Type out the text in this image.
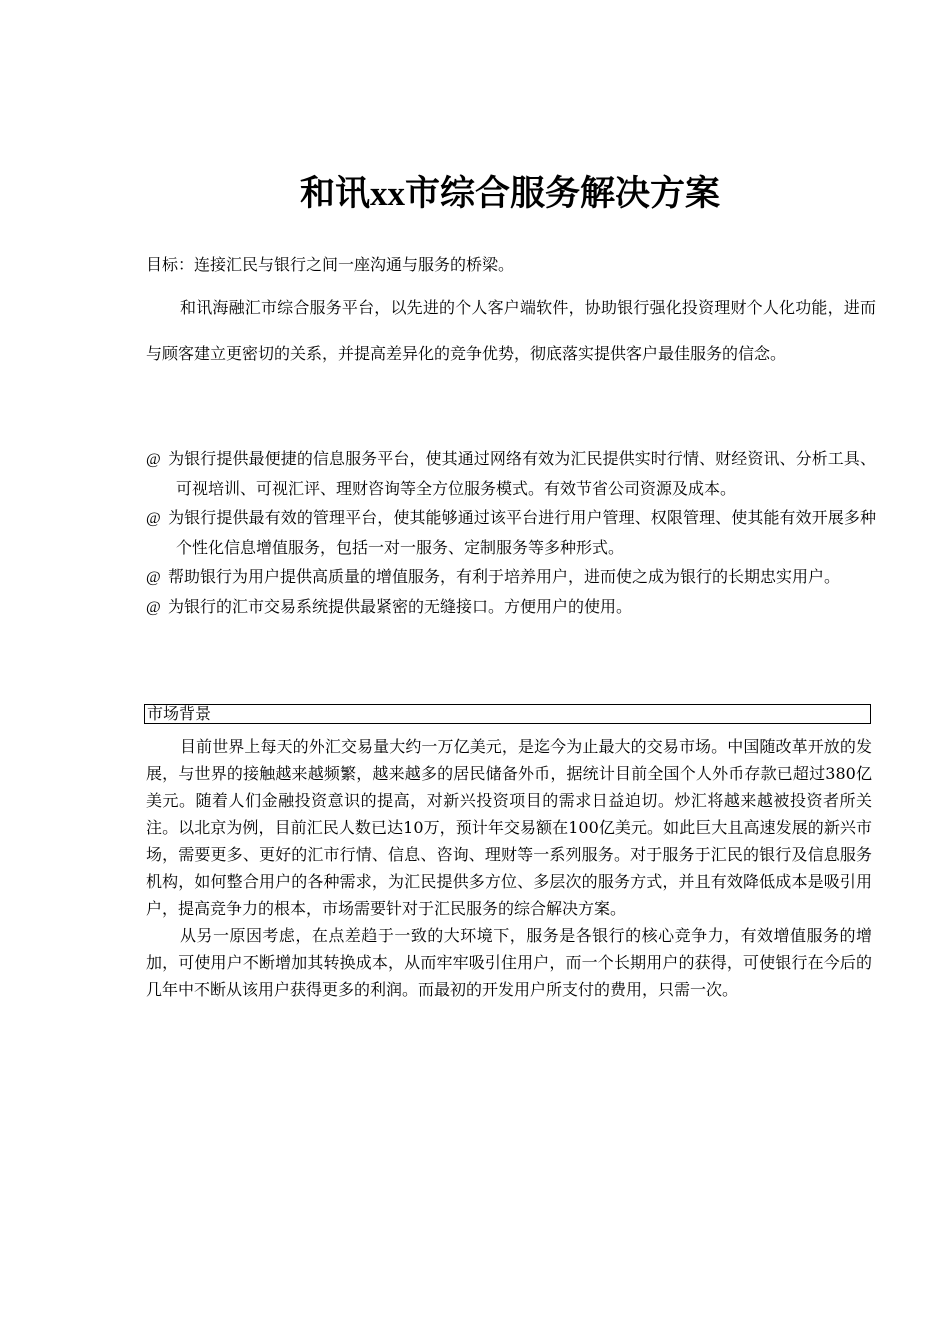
和讯xx市综合服务解决方案

目标：连接汇民与银行之间一座沟通与服务的桥梁。

和讯海融汇市综合服务平台，以先进的个人客户端软件，协助银行强化投资理财个人化功能，进而与顾客建立更密切的关系，并提高差异化的竞争优势，彻底落实提供客户最佳服务的信念。

@ 为银行提供最便捷的信息服务平台，使其通过网络有效为汇民提供实时行情、财经资讯、分析工具、可视培训、可视汇评、理财咨询等全方位服务模式。有效节省公司资源及成本。
@ 为银行提供最有效的管理平台，使其能够通过该平台进行用户管理、权限管理、使其能有效开展多种个性化信息增值服务，包括一对一服务、定制服务等多种形式。
@ 帮助银行为用户提供高质量的增值服务，有利于培养用户，进而使之成为银行的长期忠实用户。
@ 为银行的汇市交易系统提供最紧密的无缝接口。方便用户的使用。
市场背景

目前世界上每天的外汇交易量大约一万亿美元，是迄今为止最大的交易市场。中国随改革开放的发展，与世界的接触越来越频繁，越来越多的居民储备外币，据统计目前全国个人外币存款已超过380亿美元。随着人们金融投资意识的提高，对新兴投资项目的需求日益迫切。炒汇将越来越被投资者所关注。以北京为例，目前汇民人数已达10万，预计年交易额在100亿美元。如此巨大且高速发展的新兴市场，需要更多、更好的汇市行情、信息、咨询、理财等一系列服务。对于服务于汇民的银行及信息服务机构，如何整合用户的各种需求，为汇民提供多方位、多层次的服务方式，并且有效降低成本是吸引用户，提高竞争力的根本，市场需要针对于汇民服务的综合解决方案。

从另一原因考虑，在点差趋于一致的大环境下，服务是各银行的核心竞争力，有效增值服务的增加，可使用户不断增加其转换成本，从而牢牢吸引住用户，而一个长期用户的获得，可使银行在今后的几年中不断从该用户获得更多的利润。而最初的开发用户所支付的费用，只需一次。
